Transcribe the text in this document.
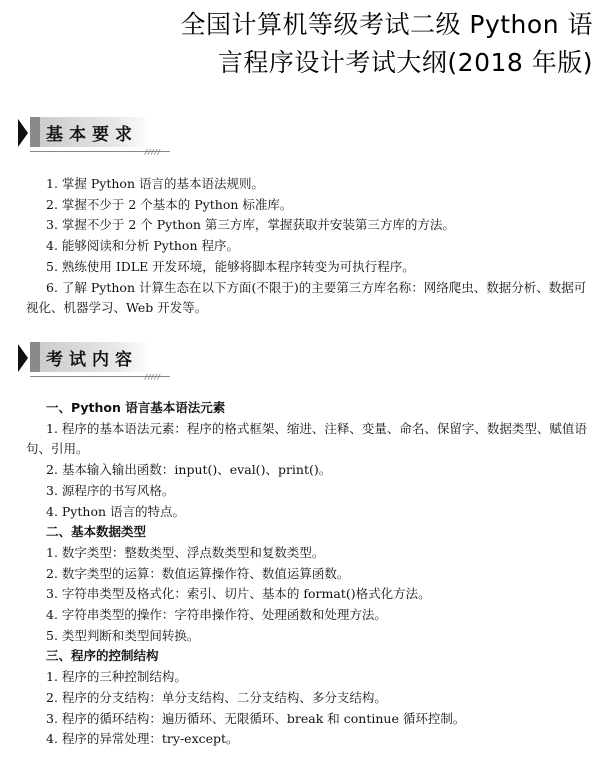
全国计算机等级考试二级 Python 语
言程序设计考试大纲(2018 年版)
基本要求
/////

1. 掌握 Python 语言的基本语法规则。

2. 掌握不少于 2 个基本的 Python 标准库。

3. 掌握不少于 2 个 Python 第三方库，掌握获取并安装第三方库的方法。

4. 能够阅读和分析 Python 程序。

5. 熟练使用 IDLE 开发环境，能够将脚本程序转变为可执行程序。

6. 了解 Python 计算生态在以下方面(不限于)的主要第三方库名称：网络爬虫、数据分析、数据可视化、机器学习、Web 开发等。

考试内容
/////

一、Python 语言基本语法元素

1. 程序的基本语法元素：程序的格式框架、缩进、注释、变量、命名、保留字、数据类型、赋值语句、引用。

2. 基本输入输出函数：input()、eval()、print()。

3. 源程序的书写风格。

4. Python 语言的特点。

二、基本数据类型

1. 数字类型：整数类型、浮点数类型和复数类型。

2. 数字类型的运算：数值运算操作符、数值运算函数。

3. 字符串类型及格式化：索引、切片、基本的 format()格式化方法。

4. 字符串类型的操作：字符串操作符、处理函数和处理方法。

5. 类型判断和类型间转换。

三、程序的控制结构

1. 程序的三种控制结构。

2. 程序的分支结构：单分支结构、二分支结构、多分支结构。

3. 程序的循环结构：遍历循环、无限循环、break 和 continue 循环控制。

4. 程序的异常处理：try-except。
